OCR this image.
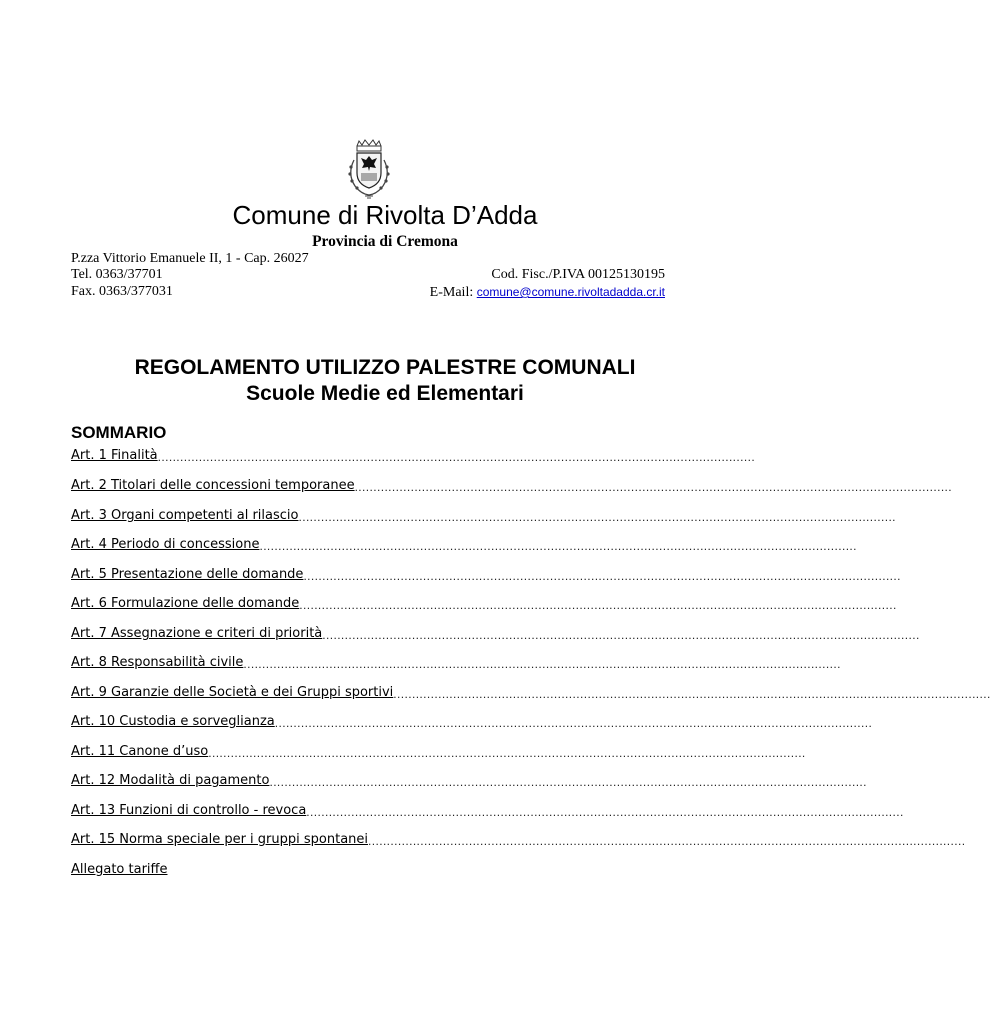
Comune di Rivolta D’Adda
Provincia di Cremona
P.zza Vittorio Emanuele II, 1 - Cap. 26027
Tel. 0363/37701
Fax. 0363/377031
Cod. Fisc./P.IVA 00125130195
E-Mail: comune@comune.rivoltadadda.cr.it
REGOLAMENTO UTILIZZO PALESTRE COMUNALI
Scuole Medie ed Elementari
SOMMARIO
Art. 1 Finalità ................................................................................................................................................................
Art. 2 Titolari delle concessioni temporanee ................................................................................................................................................................
Art. 3 Organi competenti al rilascio ................................................................................................................................................................
Art. 4 Periodo di concessione ................................................................................................................................................................
Art. 5 Presentazione delle domande ................................................................................................................................................................
Art. 6 Formulazione delle domande ................................................................................................................................................................
Art. 7 Assegnazione e criteri di priorità ................................................................................................................................................................
Art. 8 Responsabilità civile ................................................................................................................................................................
Art. 9 Garanzie delle Società e dei Gruppi sportivi ................................................................................................................................................................
Art. 10 Custodia e sorveglianza ................................................................................................................................................................
Art. 11 Canone d’uso ................................................................................................................................................................
Art. 12 Modalità di pagamento ................................................................................................................................................................
Art. 13 Funzioni di controllo - revoca ................................................................................................................................................................
Art. 15 Norma speciale per i gruppi spontanei ................................................................................................................................................................
Allegato tariffe
